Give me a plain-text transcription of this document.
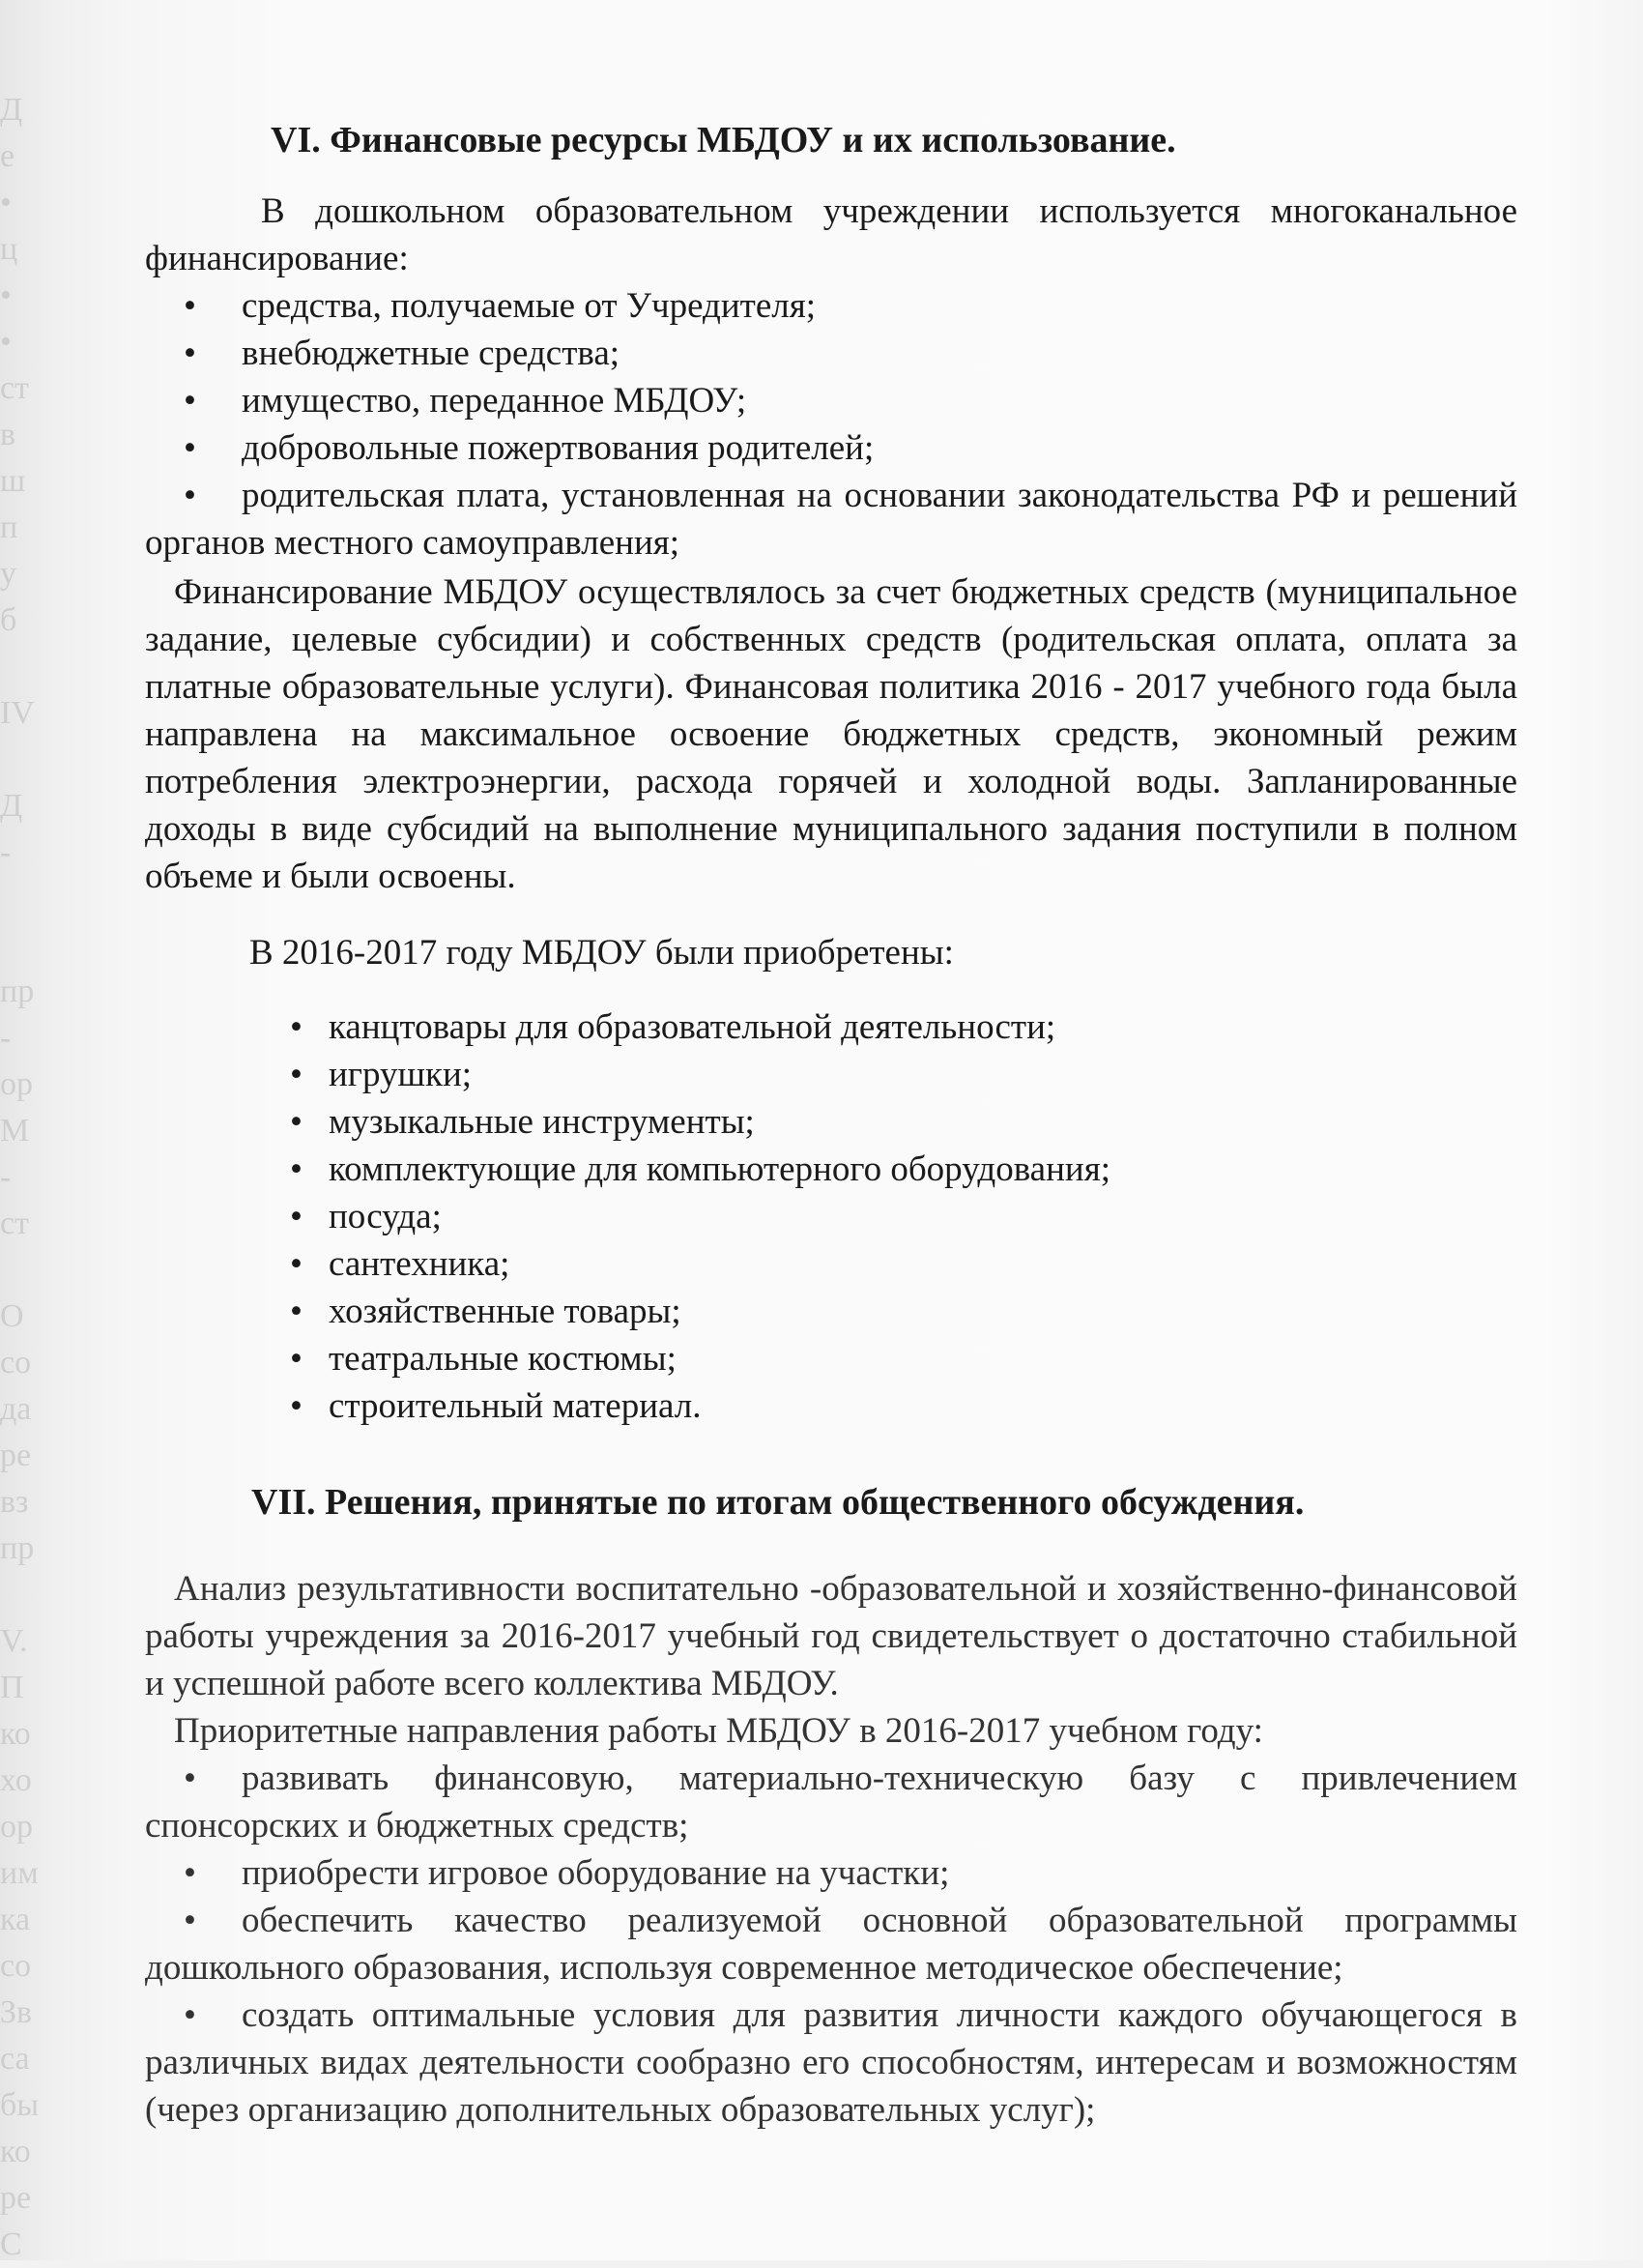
Д
е
•
ц
•
•
ст
в
ш
п
у
б

IV

Д
-

пр
-
ор
М
-
ст

О
со
да
ре
вз
пр

V.
П
ко
хо
ор
им
ка
со
Зв
са
бы
ко
ре
С
VI. Финансовые ресурсы МБДОУ и их использование.

В дошкольном образовательном учреждении используется многоканальное финансирование:

• средства, получаемые от Учредителя;
• внебюджетные средства;
• имущество, переданное МБДОУ;
• добровольные пожертвования родителей;
• родительская плата, установленная на основании законодательства РФ и решений органов местного самоуправления;

Финансирование МБДОУ осуществлялось за счет бюджетных средств (муниципальное задание, целевые субсидии) и собственных средств (родительская оплата, оплата за платные образовательные услуги). Финансовая политика 2016 - 2017 учебного года была направлена на максимальное освоение бюджетных средств, экономный режим потребления электроэнергии, расхода горячей и холодной воды. Запланированные доходы в виде субсидий на выполнение муниципального задания поступили в полном объеме и были освоены.

В 2016-2017 году МБДОУ были приобретены:

• канцтовары для образовательной деятельности;
• игрушки;
• музыкальные инструменты;
• комплектующие для компьютерного оборудования;
• посуда;
• сантехника;
• хозяйственные товары;
• театральные костюмы;
• строительный материал.
VII. Решения, принятые по итогам общественного обсуждения.

Анализ результативности воспитательно -образовательной и хозяйственно-финансовой работы учреждения за 2016-2017 учебный год свидетельствует о достаточно стабильной и успешной работе всего коллектива МБДОУ.

Приоритетные направления работы МБДОУ в 2016-2017 учебном году:

• развивать финансовую, материально-техническую базу с привлечением спонсорских и бюджетных средств;
• приобрести игровое оборудование на участки;
• обеспечить качество реализуемой основной образовательной программы дошкольного образования, используя современное методическое обеспечение;
• создать оптимальные условия для развития личности каждого обучающегося в различных видах деятельности сообразно его способностям, интересам и возможностям (через организацию дополнительных образовательных услуг);
